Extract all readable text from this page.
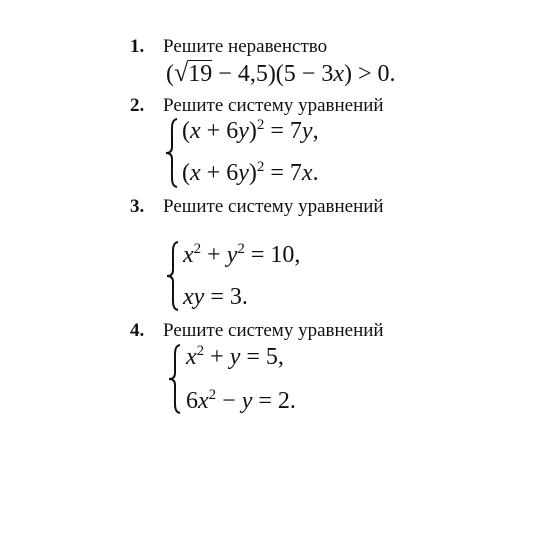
1. Решите неравенство
(√19 − 4,5)(5 − 3x) > 0.
2. Решите систему уравнений
$(x + 6y)^2 = 7y$,
$(x + 6y)^2 = 7x$.
3. Решите систему уравнений
$x^2 + y^2 = 10$,
xy = 3.
4. Решите систему уравнений
$x^2 + y = 5$,
$6x^2 - y = 2$.
